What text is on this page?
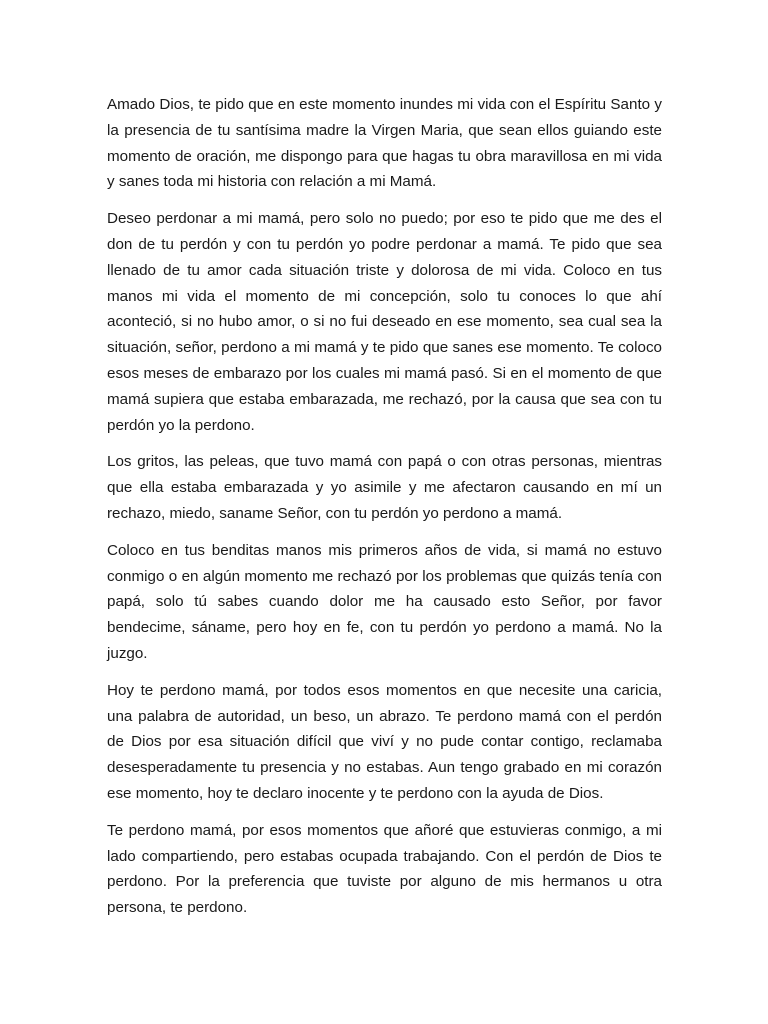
Amado Dios, te pido que en este momento inundes mi vida con el Espíritu Santo y la presencia de tu santísima madre la Virgen Maria, que sean ellos guiando este momento de oración, me dispongo para que hagas tu obra maravillosa en mi vida y sanes toda mi historia con relación a mi Mamá.

Deseo perdonar a mi mamá, pero solo no puedo; por eso te pido que me des el don de tu perdón y con tu perdón yo podre perdonar a mamá. Te pido que sea llenado de tu amor cada situación triste y dolorosa de mi vida. Coloco en tus manos mi vida el momento de mi concepción, solo tu conoces lo que ahí aconteció, si no hubo amor, o si no fui deseado en ese momento, sea cual sea la situación, señor, perdono a mi mamá y te pido que sanes ese momento. Te coloco esos meses de embarazo por los cuales mi mamá pasó. Si en el momento de que mamá supiera que estaba embarazada, me rechazó, por la causa que sea con tu perdón yo la perdono.

Los gritos, las peleas, que tuvo mamá con papá o con otras personas, mientras que ella estaba embarazada y yo asimile y me afectaron causando en mí un rechazo, miedo, saname Señor, con tu perdón yo perdono a mamá.

Coloco en tus benditas manos mis primeros años de vida, si mamá no estuvo conmigo o en algún momento me rechazó por los problemas que quizás tenía con papá, solo tú sabes cuando dolor me ha causado esto Señor, por favor bendecime, sáname, pero hoy en fe, con tu perdón yo perdono a mamá. No la juzgo.

Hoy te perdono mamá, por todos esos momentos en que necesite una caricia, una palabra de autoridad, un beso, un abrazo. Te perdono mamá con el perdón de Dios por esa situación difícil que viví y no pude contar contigo, reclamaba desesperadamente tu presencia y no estabas. Aun tengo grabado en mi corazón ese momento, hoy te declaro inocente y te perdono con la ayuda de Dios.

Te perdono mamá, por esos momentos que añoré que estuvieras conmigo, a mi lado compartiendo, pero estabas ocupada trabajando. Con el perdón de Dios te perdono. Por la preferencia que tuviste por alguno de mis hermanos u otra persona, te perdono.
